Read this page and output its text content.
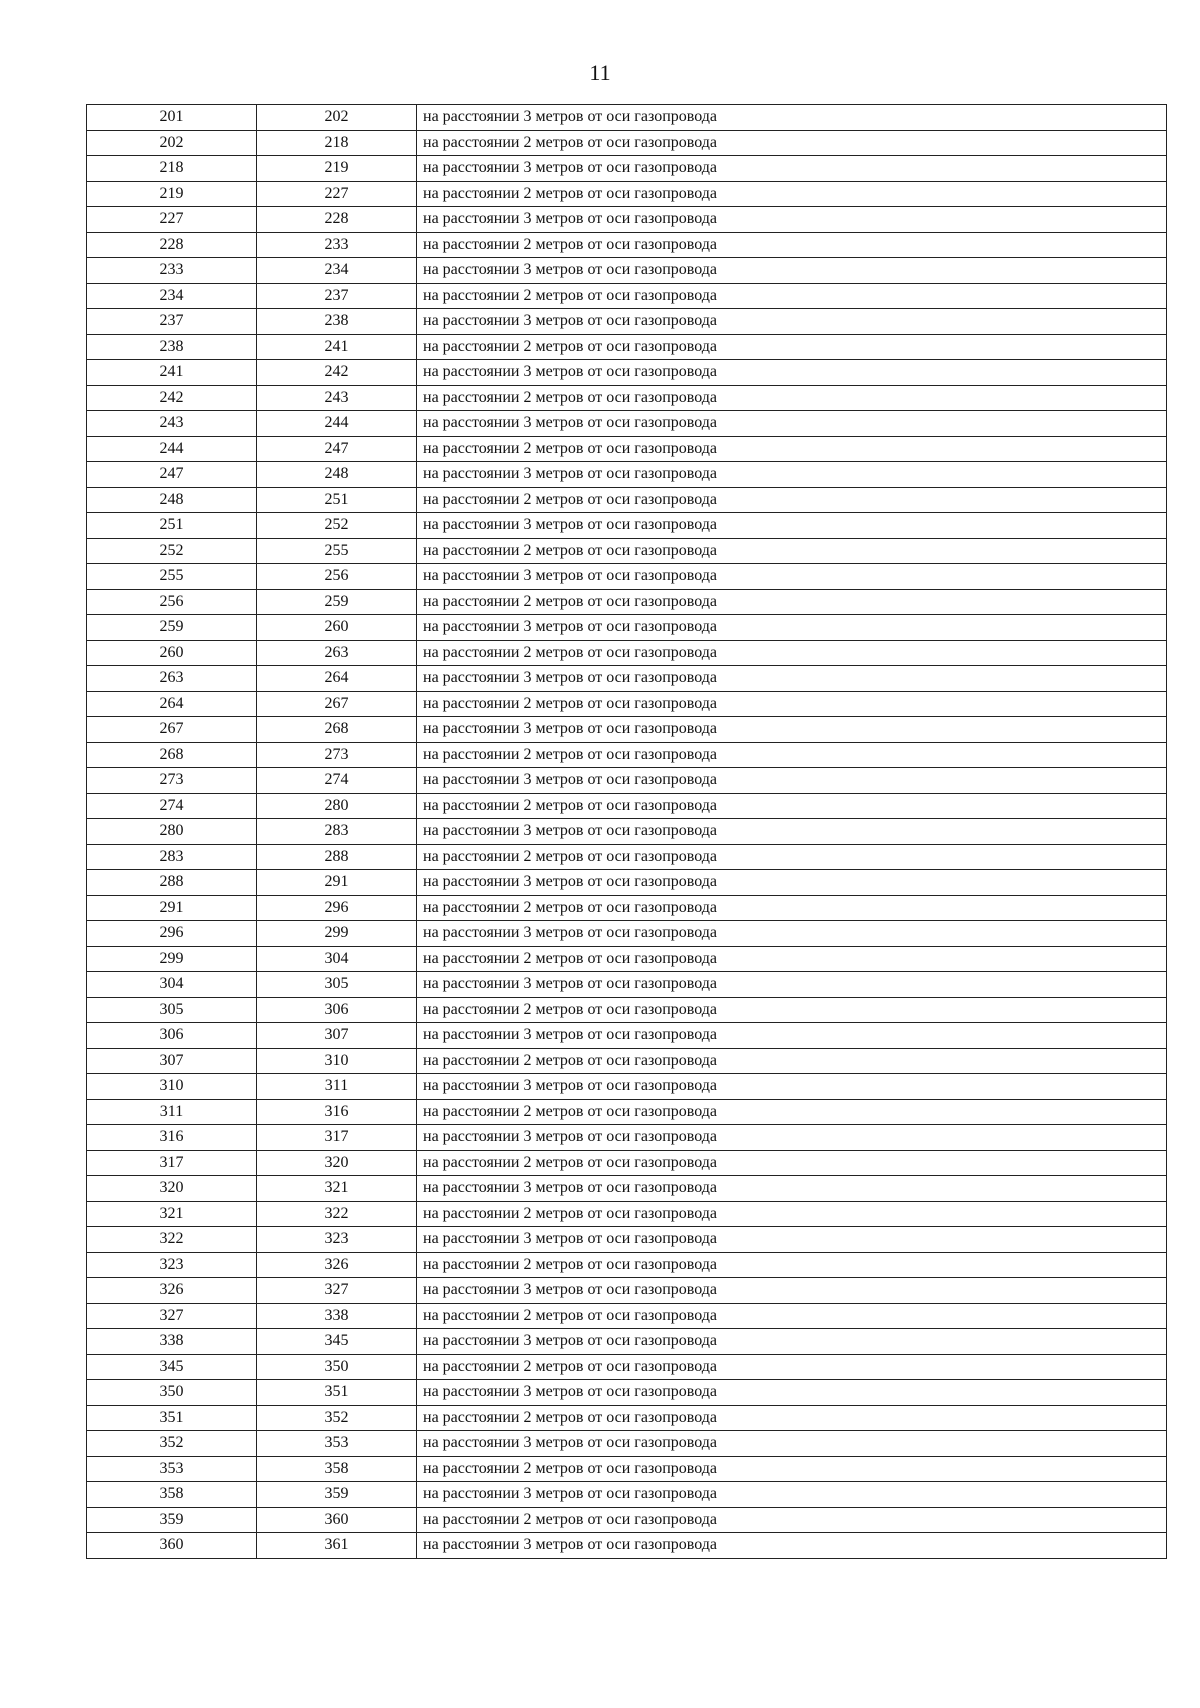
11
201	202	на расстоянии 3 метров от оси газопровода
202	218	на расстоянии 2 метров от оси газопровода
218	219	на расстоянии 3 метров от оси газопровода
219	227	на расстоянии 2 метров от оси газопровода
227	228	на расстоянии 3 метров от оси газопровода
228	233	на расстоянии 2 метров от оси газопровода
233	234	на расстоянии 3 метров от оси газопровода
234	237	на расстоянии 2 метров от оси газопровода
237	238	на расстоянии 3 метров от оси газопровода
238	241	на расстоянии 2 метров от оси газопровода
241	242	на расстоянии 3 метров от оси газопровода
242	243	на расстоянии 2 метров от оси газопровода
243	244	на расстоянии 3 метров от оси газопровода
244	247	на расстоянии 2 метров от оси газопровода
247	248	на расстоянии 3 метров от оси газопровода
248	251	на расстоянии 2 метров от оси газопровода
251	252	на расстоянии 3 метров от оси газопровода
252	255	на расстоянии 2 метров от оси газопровода
255	256	на расстоянии 3 метров от оси газопровода
256	259	на расстоянии 2 метров от оси газопровода
259	260	на расстоянии 3 метров от оси газопровода
260	263	на расстоянии 2 метров от оси газопровода
263	264	на расстоянии 3 метров от оси газопровода
264	267	на расстоянии 2 метров от оси газопровода
267	268	на расстоянии 3 метров от оси газопровода
268	273	на расстоянии 2 метров от оси газопровода
273	274	на расстоянии 3 метров от оси газопровода
274	280	на расстоянии 2 метров от оси газопровода
280	283	на расстоянии 3 метров от оси газопровода
283	288	на расстоянии 2 метров от оси газопровода
288	291	на расстоянии 3 метров от оси газопровода
291	296	на расстоянии 2 метров от оси газопровода
296	299	на расстоянии 3 метров от оси газопровода
299	304	на расстоянии 2 метров от оси газопровода
304	305	на расстоянии 3 метров от оси газопровода
305	306	на расстоянии 2 метров от оси газопровода
306	307	на расстоянии 3 метров от оси газопровода
307	310	на расстоянии 2 метров от оси газопровода
310	311	на расстоянии 3 метров от оси газопровода
311	316	на расстоянии 2 метров от оси газопровода
316	317	на расстоянии 3 метров от оси газопровода
317	320	на расстоянии 2 метров от оси газопровода
320	321	на расстоянии 3 метров от оси газопровода
321	322	на расстоянии 2 метров от оси газопровода
322	323	на расстоянии 3 метров от оси газопровода
323	326	на расстоянии 2 метров от оси газопровода
326	327	на расстоянии 3 метров от оси газопровода
327	338	на расстоянии 2 метров от оси газопровода
338	345	на расстоянии 3 метров от оси газопровода
345	350	на расстоянии 2 метров от оси газопровода
350	351	на расстоянии 3 метров от оси газопровода
351	352	на расстоянии 2 метров от оси газопровода
352	353	на расстоянии 3 метров от оси газопровода
353	358	на расстоянии 2 метров от оси газопровода
358	359	на расстоянии 3 метров от оси газопровода
359	360	на расстоянии 2 метров от оси газопровода
360	361	на расстоянии 3 метров от оси газопровода
